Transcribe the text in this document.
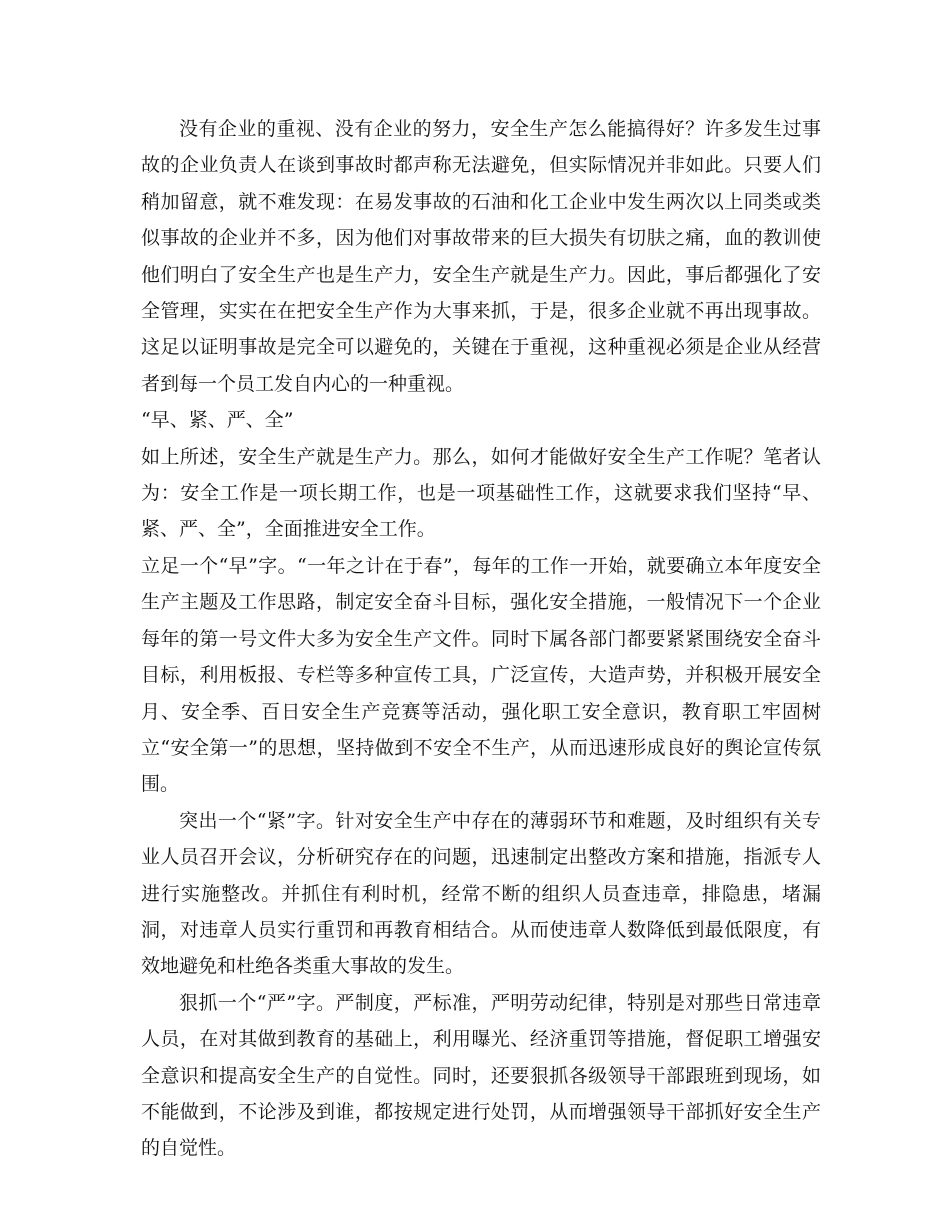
没有企业的重视、没有企业的努力，安全生产怎么能搞得好？许多发生过事故的企业负责人在谈到事故时都声称无法避免，但实际情况并非如此。只要人们稍加留意，就不难发现：在易发事故的石油和化工企业中发生两次以上同类或类似事故的企业并不多，因为他们对事故带来的巨大损失有切肤之痛，血的教训使他们明白了安全生产也是生产力，安全生产就是生产力。因此，事后都强化了安全管理，实实在在把安全生产作为大事来抓，于是，很多企业就不再出现事故。这足以证明事故是完全可以避免的，关键在于重视，这种重视必须是企业从经营者到每一个员工发自内心的一种重视。

“早、紧、严、全”

如上所述，安全生产就是生产力。那么，如何才能做好安全生产工作呢？笔者认为：安全工作是一项长期工作，也是一项基础性工作，这就要求我们坚持“早、紧、严、全”，全面推进安全工作。

立足一个“早”字。“一年之计在于春”，每年的工作一开始，就要确立本年度安全生产主题及工作思路，制定安全奋斗目标，强化安全措施，一般情况下一个企业每年的第一号文件大多为安全生产文件。同时下属各部门都要紧紧围绕安全奋斗目标，利用板报、专栏等多种宣传工具，广泛宣传，大造声势，并积极开展安全月、安全季、百日安全生产竞赛等活动，强化职工安全意识，教育职工牢固树立“安全第一”的思想，坚持做到不安全不生产，从而迅速形成良好的舆论宣传氛围。

突出一个“紧”字。针对安全生产中存在的薄弱环节和难题，及时组织有关专业人员召开会议，分析研究存在的问题，迅速制定出整改方案和措施，指派专人进行实施整改。并抓住有利时机，经常不断的组织人员查违章，排隐患，堵漏洞，对违章人员实行重罚和再教育相结合。从而使违章人数降低到最低限度，有效地避免和杜绝各类重大事故的发生。

狠抓一个“严”字。严制度，严标准，严明劳动纪律，特别是对那些日常违章人员，在对其做到教育的基础上，利用曝光、经济重罚等措施，督促职工增强安全意识和提高安全生产的自觉性。同时，还要狠抓各级领导干部跟班到现场，如不能做到，不论涉及到谁，都按规定进行处罚，从而增强领导干部抓好安全生产的自觉性。
